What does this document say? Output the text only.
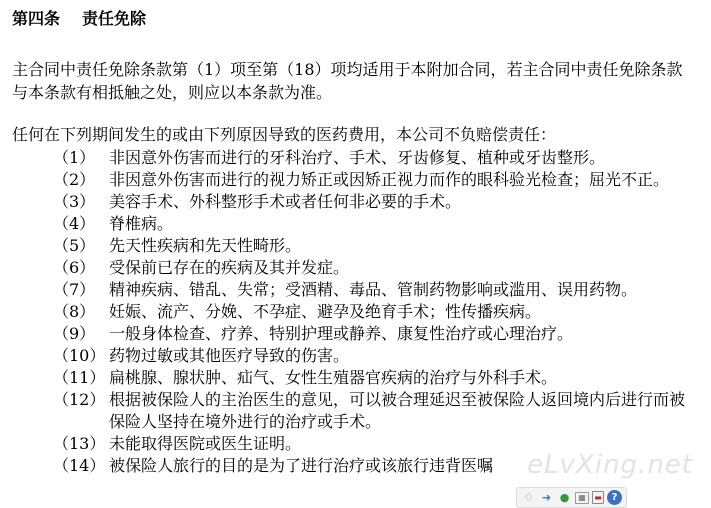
第四条 责任免除
主合同中责任免除条款第（1）项至第（18）项均适用于本附加合同，若主合同中责任免除条款与本条款有相抵触之处，则应以本条款为准。
任何在下列期间发生的或由下列原因导致的医药费用，本公司不负赔偿责任：
（1） 非因意外伤害而进行的牙科治疗、手术、牙齿修复、植种或牙齿整形。
（2） 非因意外伤害而进行的视力矫正或因矫正视力而作的眼科验光检查；屈光不正。
（3） 美容手术、外科整形手术或者任何非必要的手术。
（4） 脊椎病。
（5） 先天性疾病和先天性畸形。
（6） 受保前已存在的疾病及其并发症。
（7） 精神疾病、错乱、失常；受酒精、毒品、管制药物影响或滥用、误用药物。
（8） 妊娠、流产、分娩、不孕症、避孕及绝育手术；性传播疾病。
（9） 一般身体检查、疗养、特别护理或静养、康复性治疗或心理治疗。
（10） 药物过敏或其他医疗导致的伤害。
（11） 扁桃腺、腺状肿、疝气、女性生殖器官疾病的治疗与外科手术。
（12） 根据被保险人的主治医生的意见，可以被合理延迟至被保险人返回境内后进行而被保险人坚持在境外进行的治疗或手术。
（13） 未能取得医院或医生证明。
（14） 被保险人旅行的目的是为了进行治疗或该旅行违背医嘱	eLvXing.net
♢ ➜ ●	▦	▬ ?
